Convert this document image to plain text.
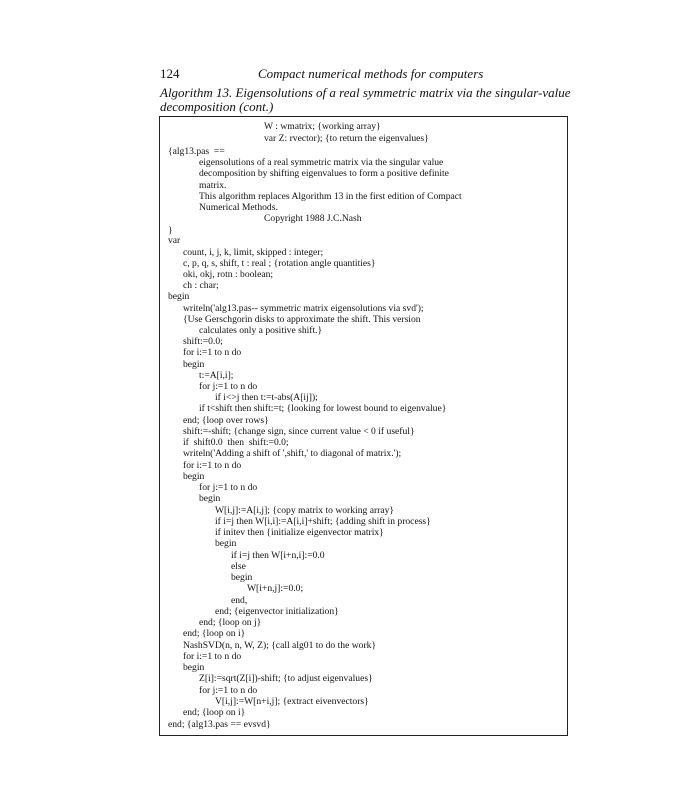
124	Compact numerical methods for computers
Algorithm 13. Eigensolutions of a real symmetric matrix via the singular-value
decomposition (cont.)
W : wmatrix; {working array}
var Z: rvector); {to return the eigenvalues}
{alg13.pas  ==
eigensolutions of a real symmetric matrix via the singular value
decomposition by shifting eigenvalues to form a positive definite
matrix.
This algorithm replaces Algorithm 13 in the first edition of Compact
Numerical Methods.
Copyright 1988 J.C.Nash
}
var
count, i, j, k, limit, skipped : integer;
c, p, q, s, shift, t : real ; {rotation angle quantities}
oki, okj, rotn : boolean;
ch : char;
begin
writeln('alg13.pas-- symmetric matrix eigensolutions via svd');
{Use Gerschgorin disks to approximate the shift. This version
calculates only a positive shift.}
shift:=0.0;
for i:=1 to n do
begin
t:=A[i,i];
for j:=1 to n do
if i<>j then t:=t-abs(A[ij]);
if t<shift then shift:=t; {looking for lowest bound to eigenvalue}
end; {loop over rows}
shift:=-shift; {change sign, since current value < 0 if useful}
if  shift0.0  then  shift:=0.0;
writeln('Adding a shift of ',shift,' to diagonal of matrix.');
for i:=1 to n do
begin
for j:=1 to n do
begin
W[i,j]:=A[i,j]; {copy matrix to working array}
if i=j then W[i,i]:=A[i,i]+shift; {adding shift in process}
if initev then {initialize eigenvector matrix}
begin
if i=j then W[i+n,i]:=0.0
else
begin
W[i+n,j]:=0.0;
end,
end; {eigenvector initialization}
end; {loop on j}
end; {loop on i}
NashSVD(n, n, W, Z); {call alg01 to do the work}
for i:=1 to n do
begin
Z[i]:=sqrt(Z[i])-shift; {to adjust eigenvalues}
for j:=1 to n do
V[i,j]:=W[n+i,j]; {extract eivenvectors}
end; {loop on i}
end; {alg13.pas == evsvd}
